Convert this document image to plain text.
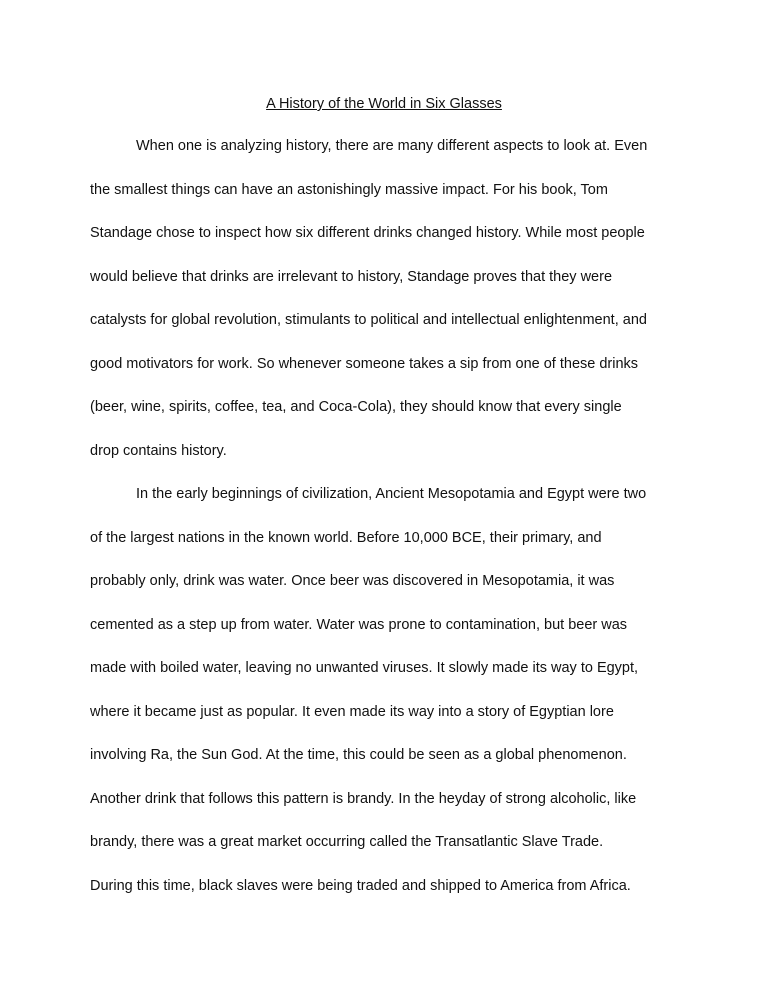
A History of the World in Six Glasses
When one is analyzing history, there are many different aspects to look at. Even
the smallest things can have an astonishingly massive impact. For his book, Tom
Standage chose to inspect how six different drinks changed history. While most people
would believe that drinks are irrelevant to history, Standage proves that they were
catalysts for global revolution, stimulants to political and intellectual enlightenment, and
good motivators for work. So whenever someone takes a sip from one of these drinks
(beer, wine, spirits, coffee, tea, and Coca-Cola), they should know that every single
drop contains history.
In the early beginnings of civilization, Ancient Mesopotamia and Egypt were two
of the largest nations in the known world. Before 10,000 BCE, their primary, and
probably only, drink was water. Once beer was discovered in Mesopotamia, it was
cemented as a step up from water. Water was prone to contamination, but beer was
made with boiled water, leaving no unwanted viruses. It slowly made its way to Egypt,
where it became just as popular. It even made its way into a story of Egyptian lore
involving Ra, the Sun God. At the time, this could be seen as a global phenomenon.
Another drink that follows this pattern is brandy. In the heyday of strong alcoholic, like
brandy, there was a great market occurring called the Transatlantic Slave Trade.
During this time, black slaves were being traded and shipped to America from Africa.
